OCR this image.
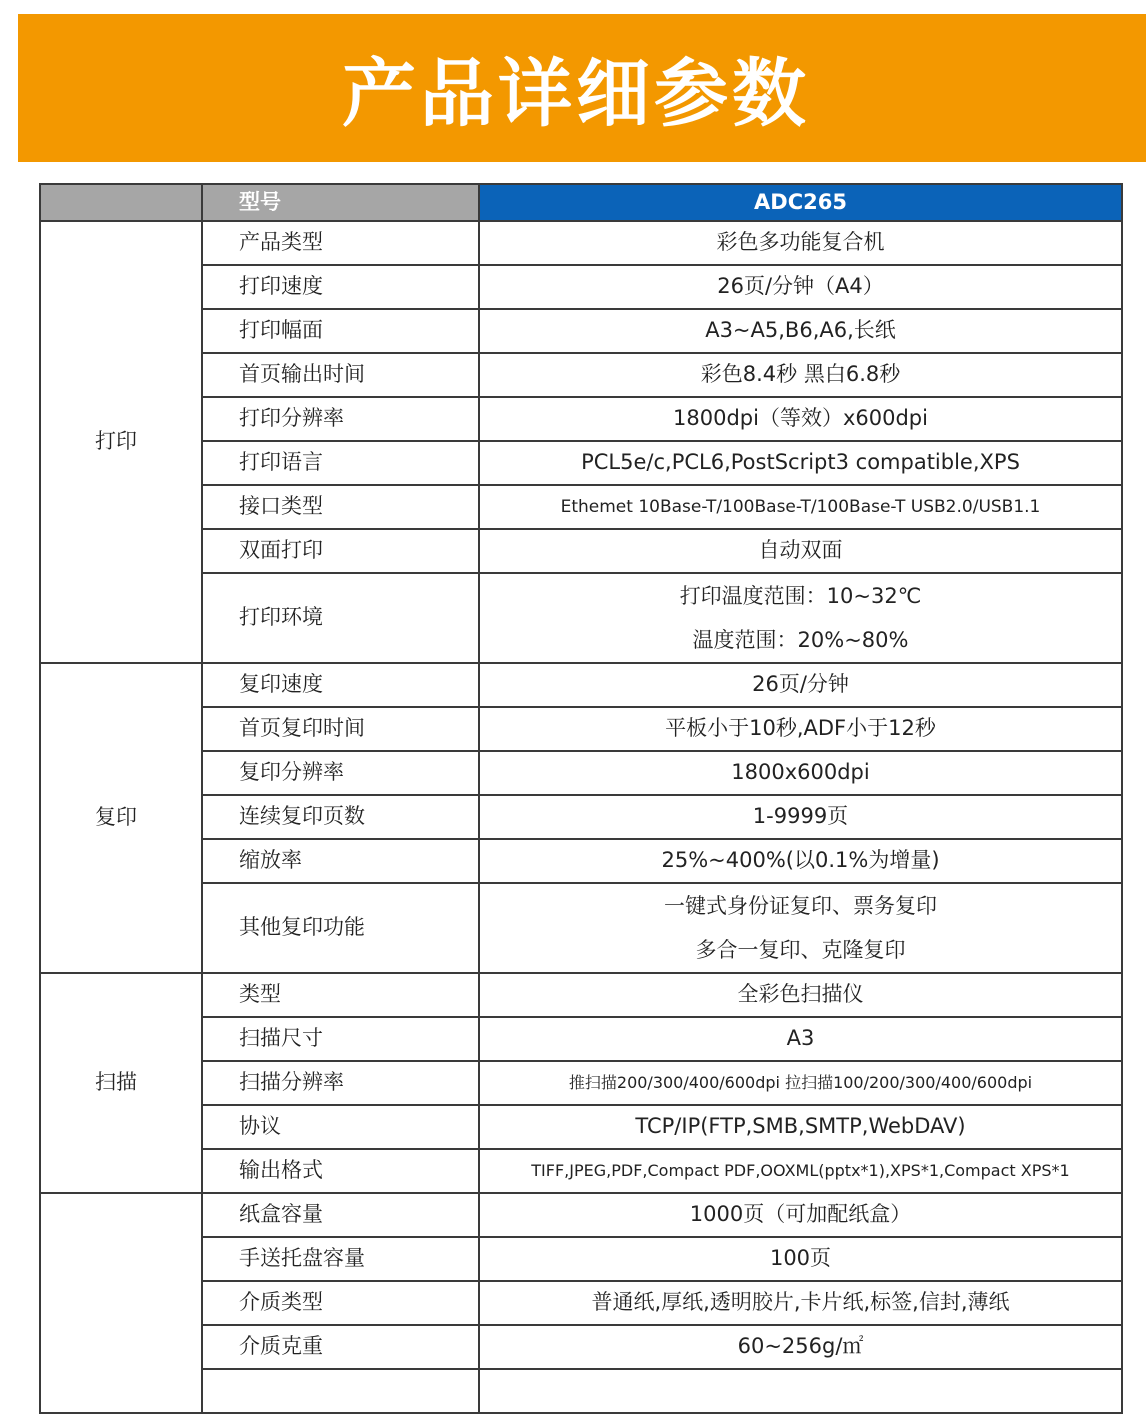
产品详细参数
	型号	ADC265
打印	产品类型	彩色多功能复合机
	打印速度	26页/分钟（A4）
	打印幅面	A3~A5,B6,A6,长纸
	首页输出时间	彩色8.4秒 黑白6.8秒
	打印分辨率	1800dpi（等效）x600dpi
	打印语言	PCL5e/c,PCL6,PostScript3 compatible,XPS
	接口类型	Ethemet 10Base-T/100Base-T/100Base-T USB2.0/USB1.1
	双面打印	自动双面
	打印环境	打印温度范围：10~32℃
温度范围：20%~80%

复印	复印速度	26页/分钟
	首页复印时间	平板小于10秒,ADF小于12秒
	复印分辨率	1800x600dpi
	连续复印页数	1-9999页
	缩放率	25%~400%(以0.1%为增量)
	其他复印功能	一键式身份证复印、票务复印
多合一复印、克隆复印

扫描	类型	全彩色扫描仪
	扫描尺寸	A3
	扫描分辨率	推扫描200/300/400/600dpi 拉扫描100/200/300/400/600dpi
	协议	TCP/IP(FTP,SMB,SMTP,WebDAV)
	输出格式	TIFF,JPEG,PDF,Compact PDF,OOXML(pptx*1),XPS*1,Compact XPS*1
	纸盒容量	1000页（可加配纸盒）
	手送托盘容量	100页
	介质类型	普通纸,厚纸,透明胶片,卡片纸,标签,信封,薄纸
	介质克重	60~256g/㎡
